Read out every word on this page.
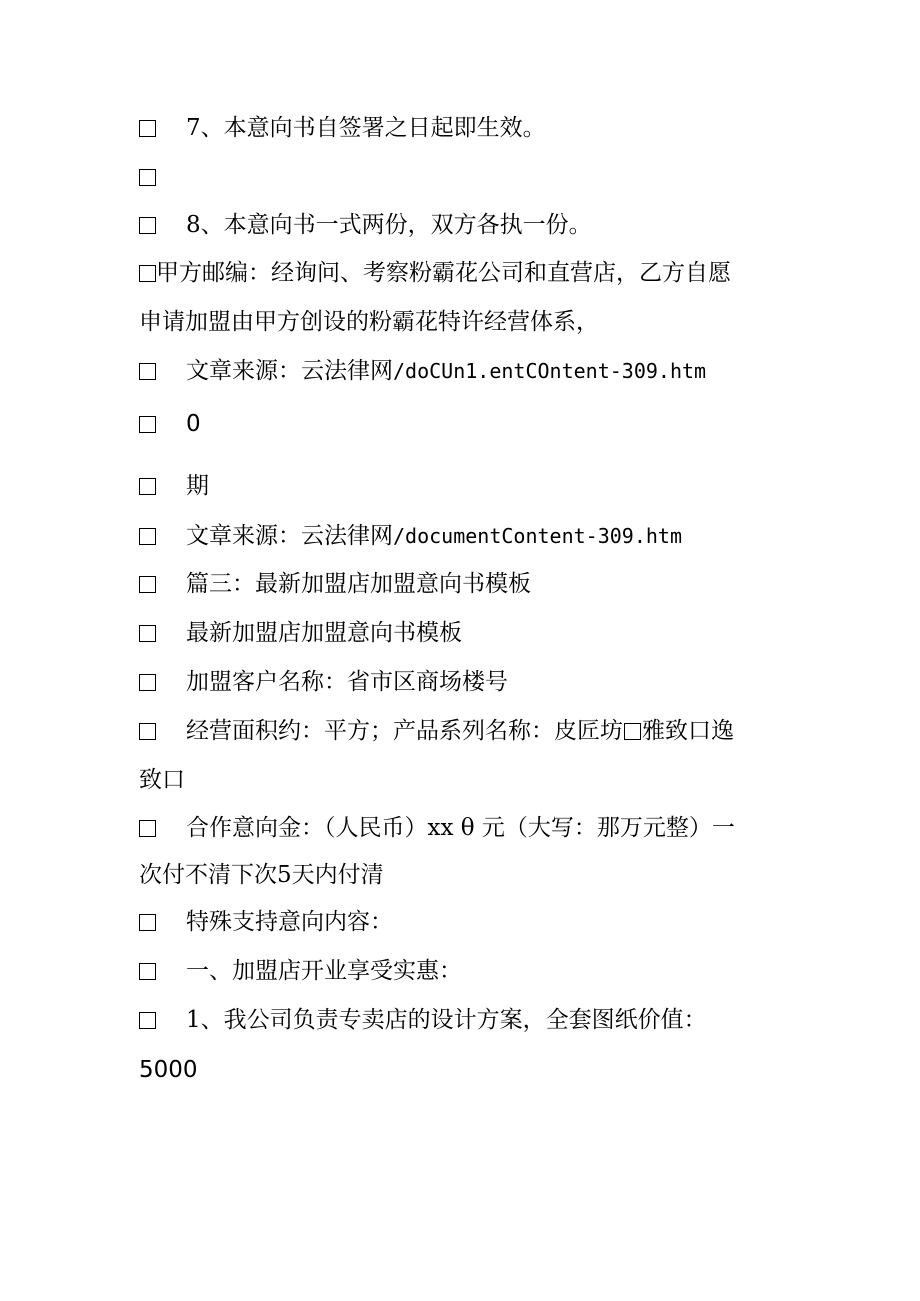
7、本意向书自签署之日起即生效。
8、本意向书一式两份，双方各执一份。
甲方邮编：经询问、考察粉霸花公司和直营店，乙方自愿
申请加盟由甲方创设的粉霸花特许经营体系，
文章来源：云法律网/doCUn1.entCOntent-309.htm
0
期
文章来源：云法律网/documentContent-309.htm
篇三：最新加盟店加盟意向书模板
最新加盟店加盟意向书模板
加盟客户名称：省市区商场楼号
经营面积约：平方；产品系列名称：皮匠坊 雅致口逸
致口
合作意向金：（人民币）xx θ 元（大写：那万元整）一
次付不清下次5天内付清
特殊支持意向内容：
一、加盟店开业享受实惠：
1、我公司负责专卖店的设计方案，全套图纸价值：
5000
